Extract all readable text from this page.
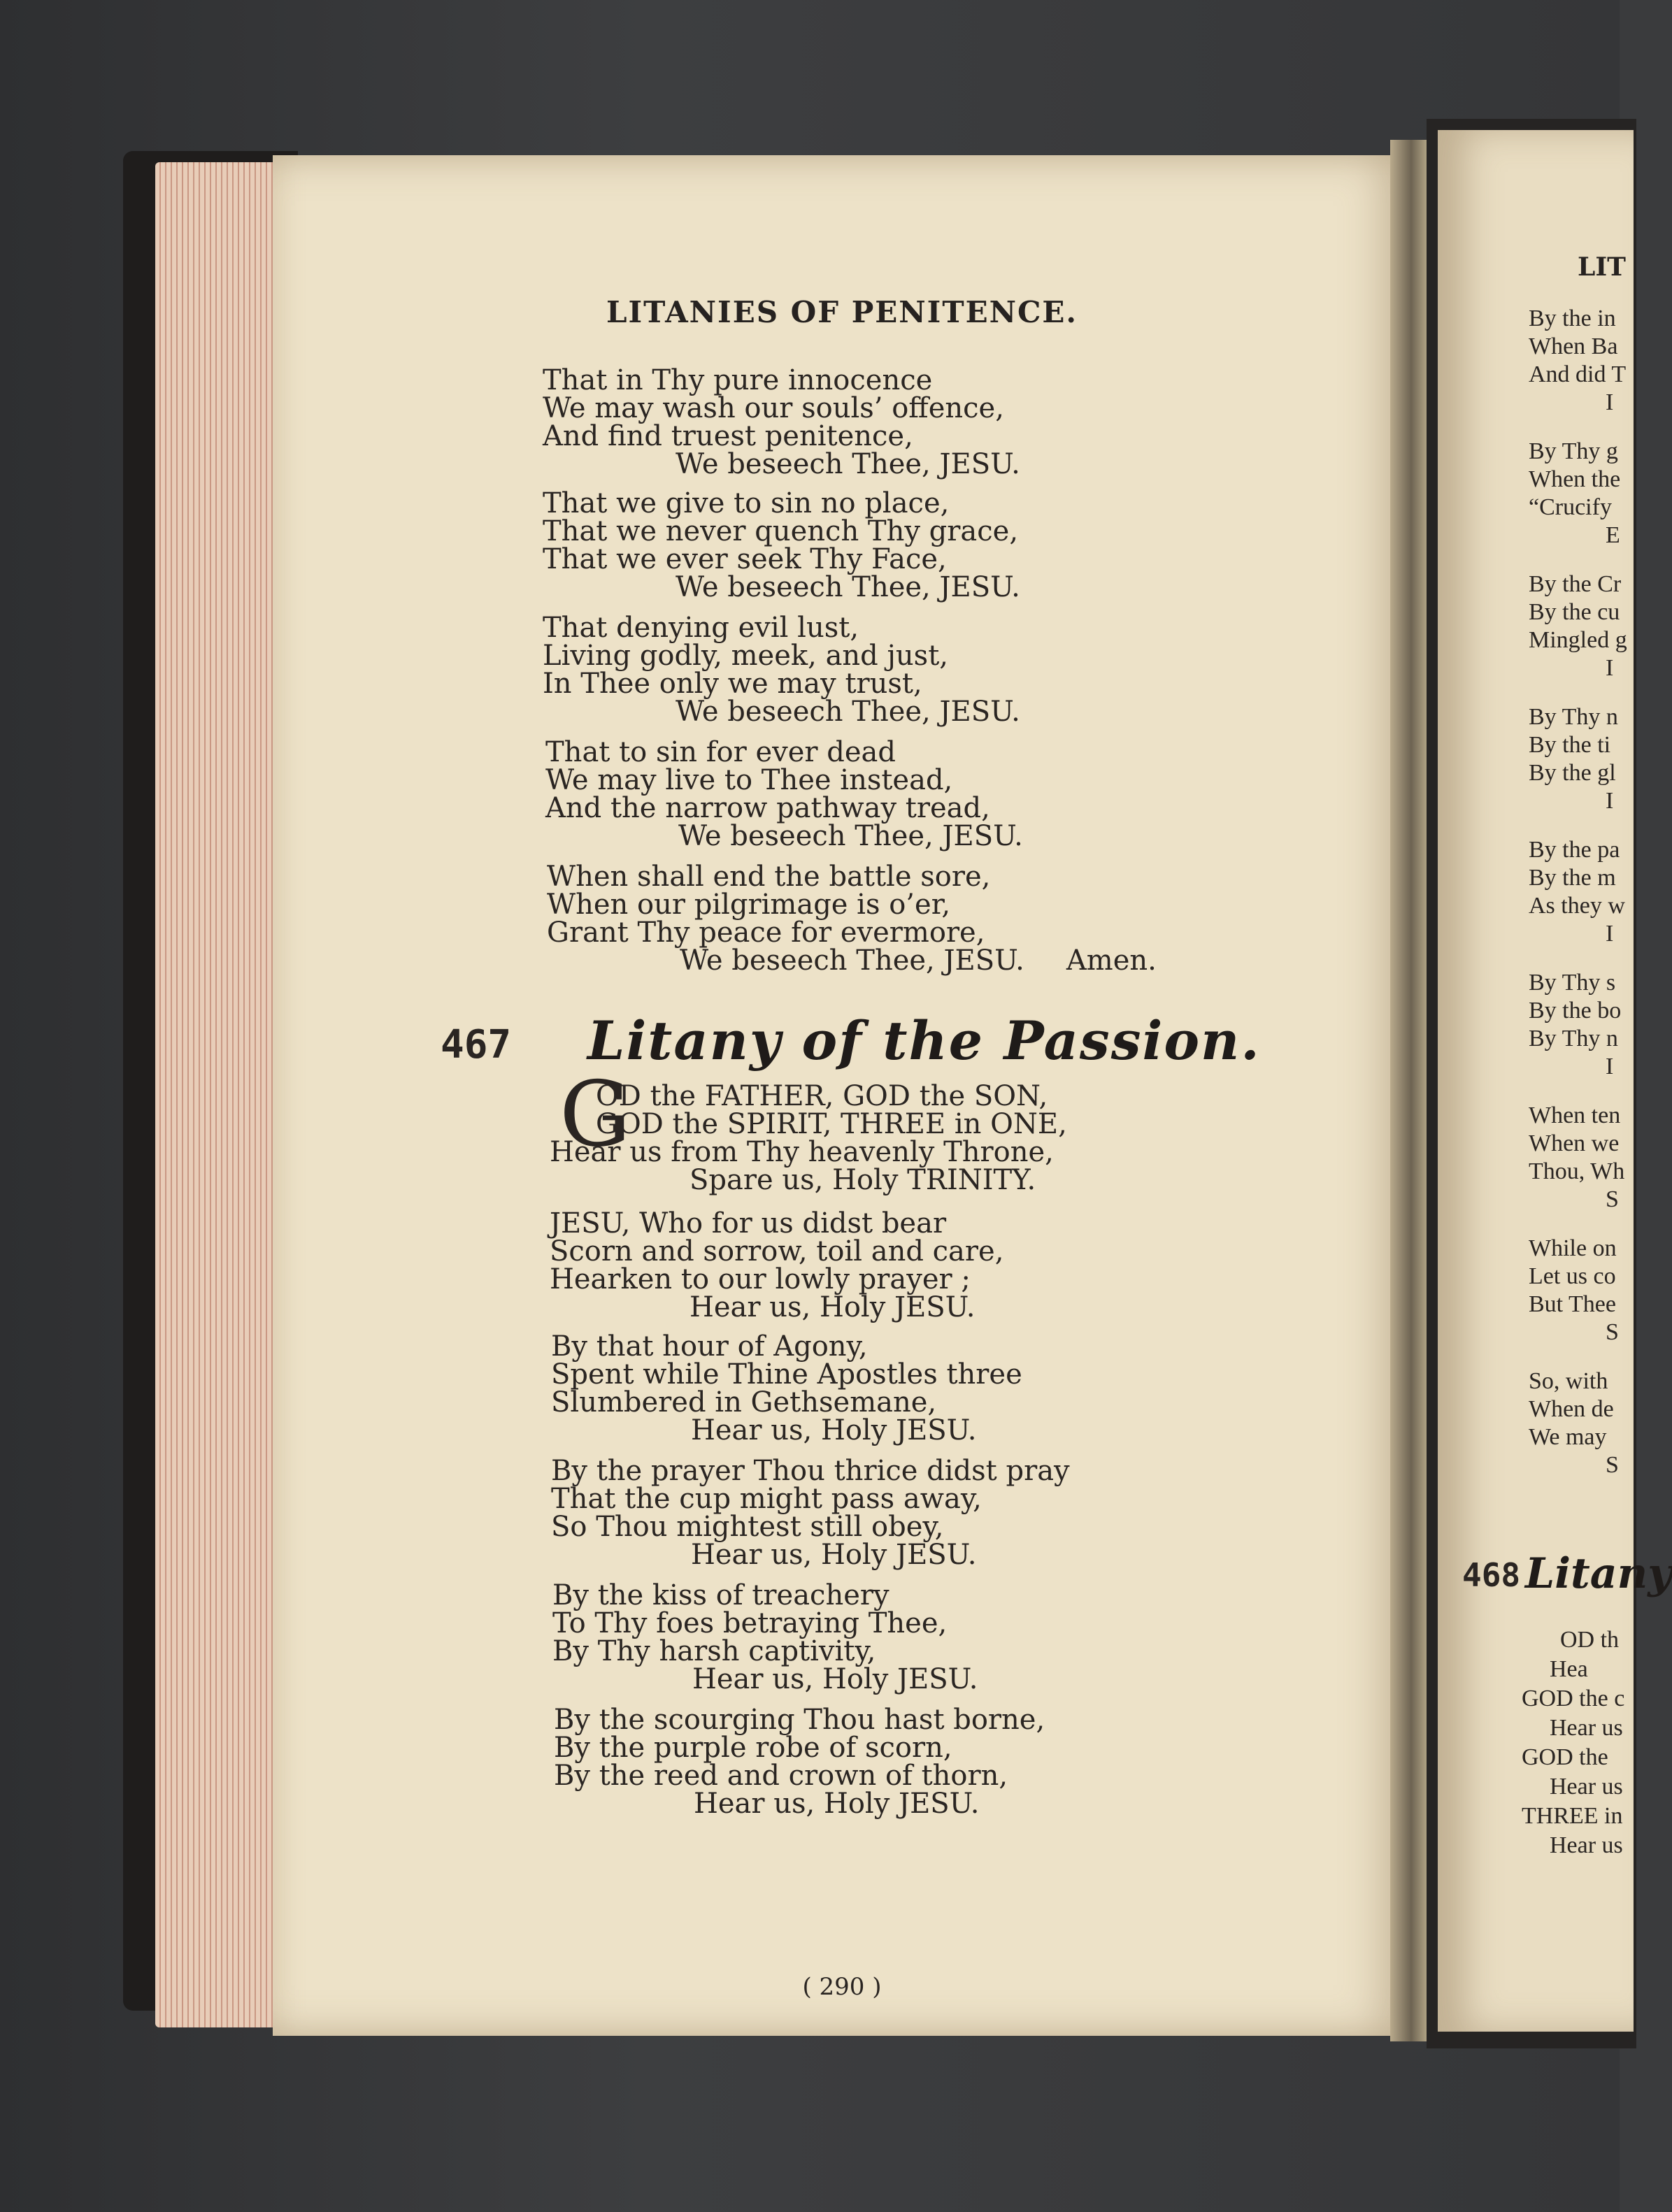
LITANIES OF PENITENCE.
That in Thy pure innocence
We may wash our souls’ offence,
And find truest penitence,
We beseech Thee, JESU.
That we give to sin no place,
That we never quench Thy grace,
That we ever seek Thy Face,
We beseech Thee, JESU.
That denying evil lust,
Living godly, meek, and just,
In Thee only we may trust,
We beseech Thee, JESU.
That to sin for ever dead
We may live to Thee instead,
And the narrow pathway tread,
We beseech Thee, JESU.
When shall end the battle sore,
When our pilgrimage is o’er,
Grant Thy peace for evermore,
We beseech Thee, JESU. Amen.
467 Litany of the Passion.
G
OD the FATHER, GOD the SON,
GOD the SPIRIT, THREE in ONE,
Hear us from Thy heavenly Throne,
Spare us, Holy TRINITY.
JESU, Who for us didst bear
Scorn and sorrow, toil and care,
Hearken to our lowly prayer ;
Hear us, Holy JESU.
By that hour of Agony,
Spent while Thine Apostles three
Slumbered in Gethsemane,
Hear us, Holy JESU.
By the prayer Thou thrice didst pray
That the cup might pass away,
So Thou mightest still obey,
Hear us, Holy JESU.
By the kiss of treachery
To Thy foes betraying Thee,
By Thy harsh captivity,
Hear us, Holy JESU.
By the scourging Thou hast borne,
By the purple robe of scorn,
By the reed and crown of thorn,
Hear us, Holy JESU.
( 290 )
LIT
By the in
When Ba
And did T
I
By Thy g
When the
“Crucify
E
By the Cr
By the cu
Mingled g
I
By Thy n
By the ti
By the gl
I
By the pa
By the m
As they w
I
By Thy s
By the bo
By Thy n
I
When ten
When we
Thou, Wh
S
While on
Let us co
But Thee
S
So, with
When de
We may
S
468 Litany
OD th
Hea
GOD the c
Hear us
GOD the
Hear us
THREE in
Hear us
